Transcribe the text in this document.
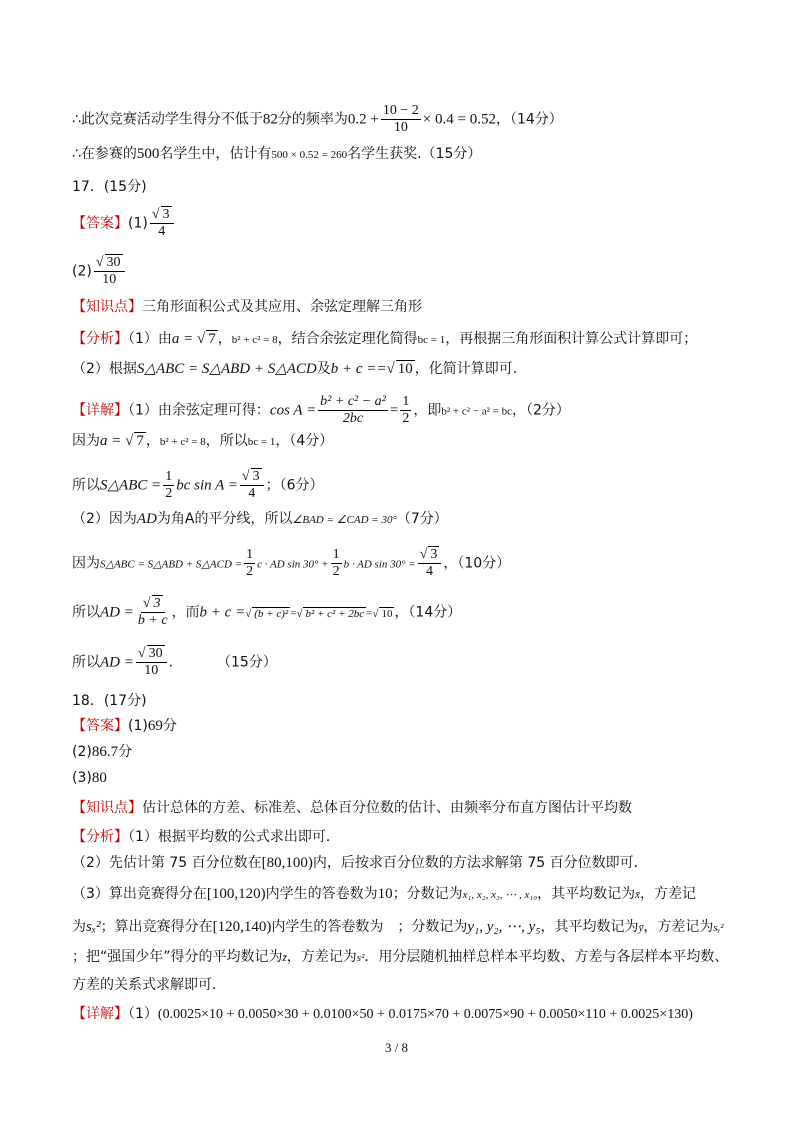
∴此次竞赛活动学生得分不低于82分的频率为$0.2 + \frac{10 - 2}{10} \times 0.4 = 0.52$，（14分）
∴在参赛的500名学生中，估计有500 × 0.52 = 260名学生获奖.（15分）
17．(15分)
【答案】$(1) \frac{√ 3}{4}$
$(2) \frac{√ 30}{10}$
【知识点】三角形面积公式及其应用、余弦定理解三角形
【分析】（1）由a = √ 7 ，b² + c² = 8，结合余弦定理化简得bc = 1，再根据三角形面积计算公式计算即可；
（2）根据S△ABC = S△ABD + S△ACD及b + c ==√ 10 ，化简计算即可.
【详解】（1）由余弦定理可得：$\cos A = \frac{\text{b² + c² − a²}}{2bc} = \frac{1}{2}$ ，即b² + c² − a² = bc，（2分）
因为a = √ 7 ，b² + c² = 8，所以bc = 1，（4分）
所以S△ABC = $\frac{1}{2}$ bc $\sin A = \frac{√ 3}{4}$ ；（6分）
（2）因为AD为角A的平分线，所以∠BAD = ∠CAD = 30°（7分）
因为S△ABC = S△ABD + S△ACD = $\frac{1}{2}$ c · AD $\sin 30^\circ + \frac{1}{2}$ b · AD $\sin 30^\circ = \frac{√ 3}{4}$ ，（10分）
所以AD = $\frac{√ 3}{b + c}$ ，而b + c =√ (b + c)² =√ b² + c² + 2bc =√ 10 ，（14分）
所以AD = $\frac{√ 30}{10}$ .	（15分）
18．(17分)
【答案】(1)69分
(2)86.7分
(3)80
【知识点】估计总体的方差、标准差、总体百分位数的估计、由频率分布直方图估计平均数
【分析】（1）根据平均数的公式求出即可．
（2）先估计第 75 百分位数在[80,100)内，后按求百分位数的方法求解第 75 百分位数即可．
（3）算出竞赛得分在[100,120)内学生的答卷数为10；分数记为x₁, x₂, x₃, ⋯ , x₁₀，其平均数记为x̄，方差记
为sₓ²；算出竞赛得分在[120,140)内学生的答卷数为　；分数记为y₁, y₂, ⋯, y₅，其平均数记为ȳ，方差记为sᵧ²
；把“强国少年”得分的平均数记为z̄，方差记为s²．用分层随机抽样总样本平均数、方差与各层样本平均数、
方差的关系式求解即可．
【详解】（1）(0.0025×10 + 0.0050×30 + 0.0100×50 + 0.0175×70 + 0.0075×90 + 0.0050×110 + 0.0025×130)
3 / 8
